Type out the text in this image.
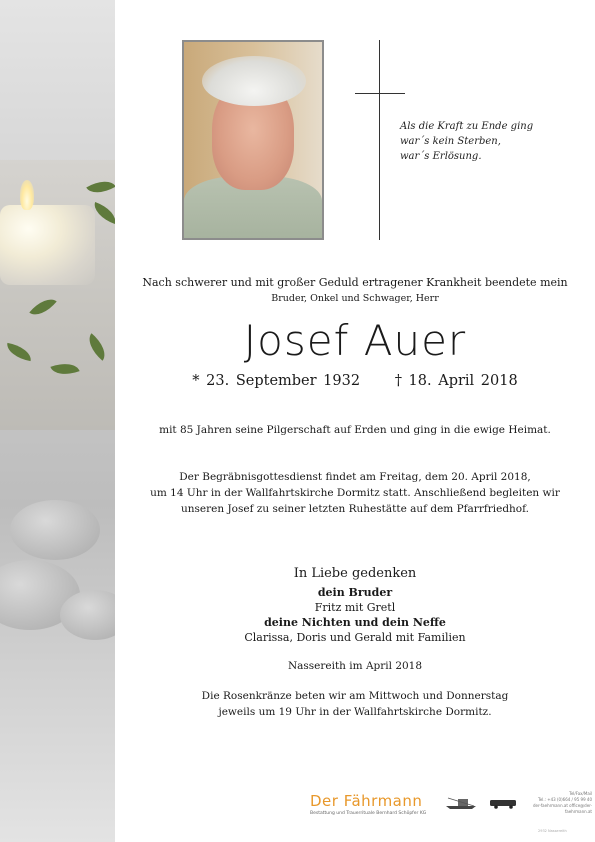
Als die Kraft zu Ende ging
war´s kein Sterben,
war´s Erlösung.
Nach schwerer und mit großer Geduld ertragener Krankheit beendete mein
Bruder, Onkel und Schwager, Herr
Josef Auer
* 23. September 1932 † 18. April 2018
mit 85 Jahren seine Pilgerschaft auf Erden und ging in die ewige Heimat.
Der Begräbnisgottesdienst findet am Freitag, dem 20. April 2018,
um 14 Uhr in der Wallfahrtskirche Dormitz statt. Anschließend begleiten wir
unseren Josef zu seiner letzten Ruhestätte auf dem Pfarrfriedhof.
In Liebe gedenken
dein Bruder
Fritz mit Gretl
deine Nichten und dein Neffe
Clarissa, Doris und Gerald mit Familien
Nassereith im April 2018
Die Rosenkränze beten wir am Mittwoch und Donnerstag
jeweils um 19 Uhr in der Wallfahrtskirche Dormitz.
Der Fährmann
Bestattung und Trauerrituale Bernhard Schöpfer KG
Tel/Fax/Mail
Tel.: +43 (0)664 / 95 99 40
der-faehrmann.at office@der-faehrmann.at
2932 Nassereith
